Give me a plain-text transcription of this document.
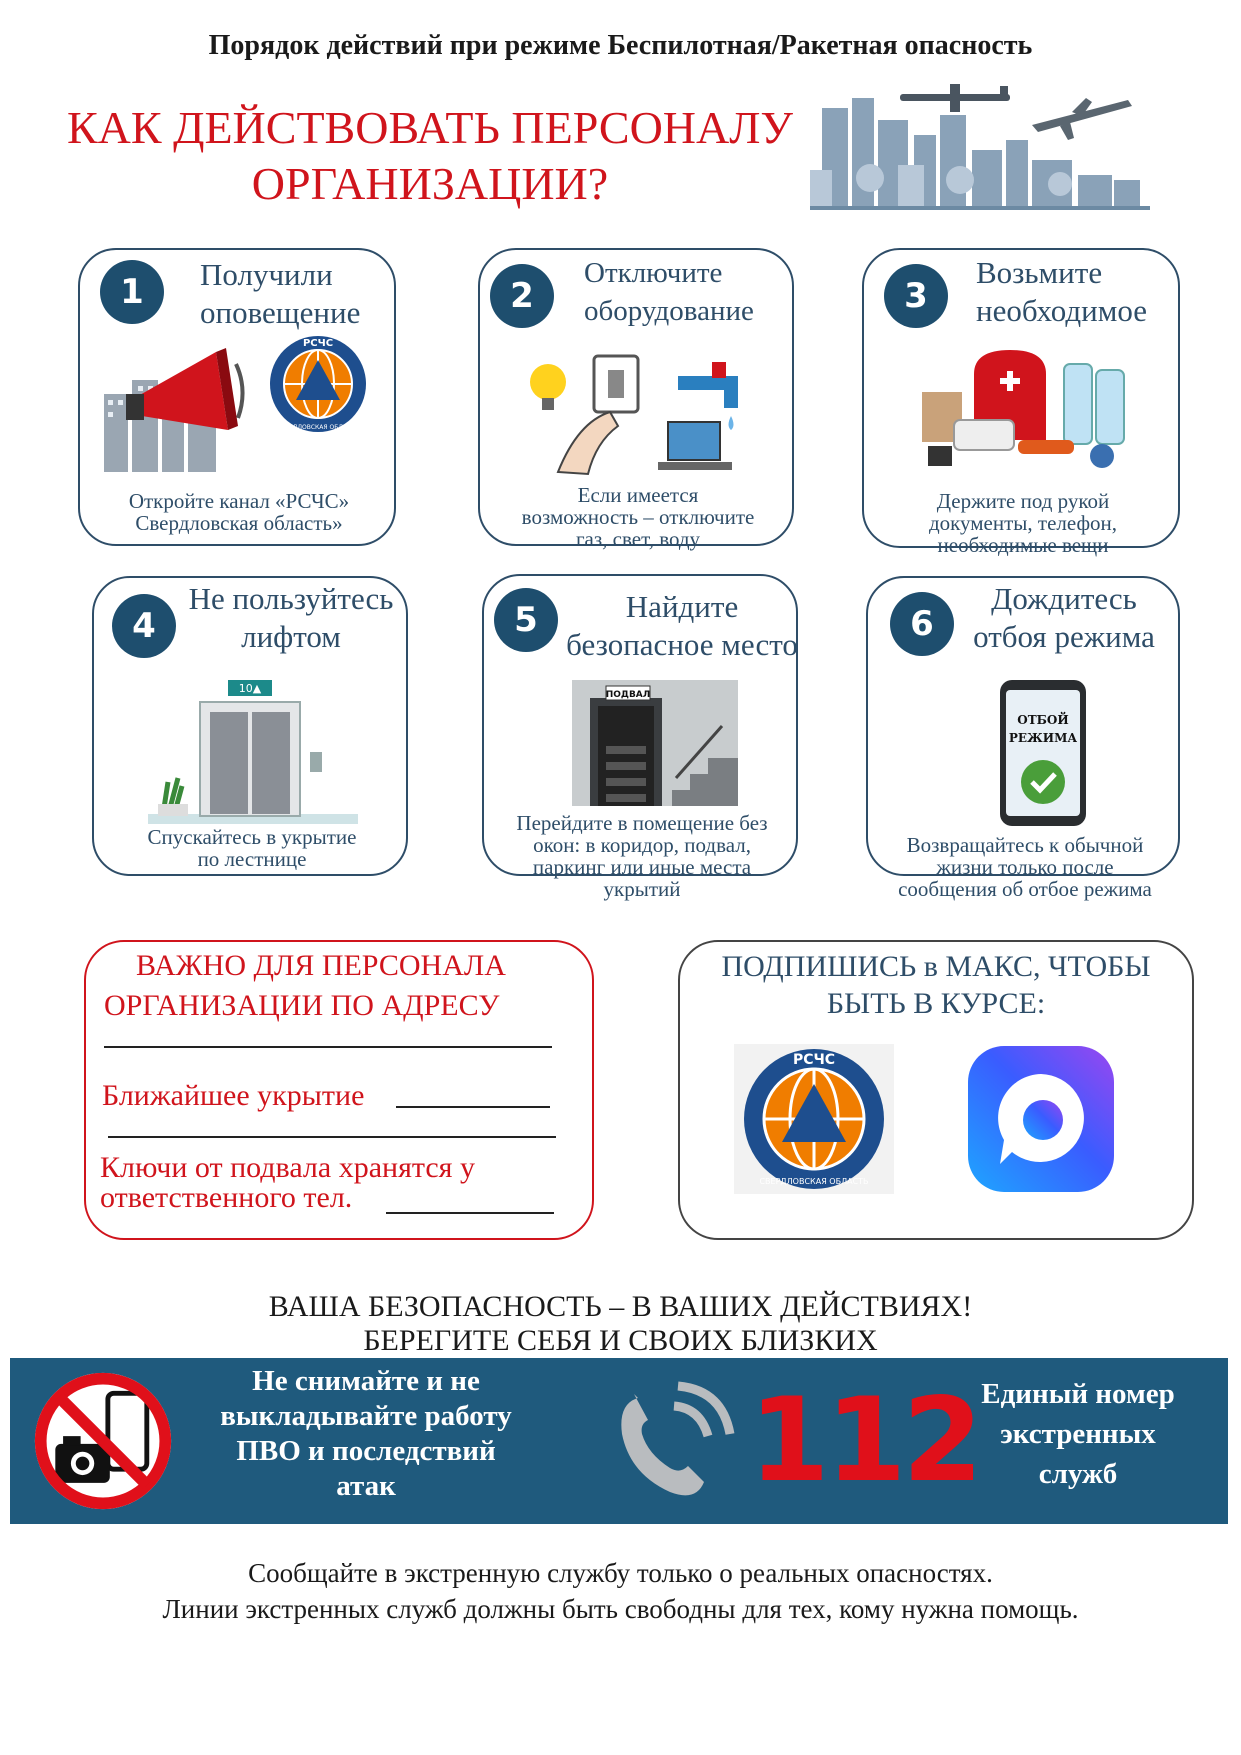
Порядок действий при режиме Беспилотная/Ракетная опасность
КАК ДЕЙСТВОВАТЬ ПЕРСОНАЛУ
ОРГАНИЗАЦИИ?
1	Получили
оповещение
РСЧС
СВЕРДЛОВСКАЯ ОБЛАСТЬ
Откройте канал «РСЧС»
Свердловская область»
2
Отключите
оборудование
Если имеется
возможность – отключите
газ, свет, воду
3
Возьмите
необходимое
Держите под рукой
документы, телефон,
необходимые вещи
4
Не пользуйтесь
лифтом
10▲
Спускайтесь в укрытие
по лестнице
5	Найдите
безопасное место
ПОДВАЛ
Перейдите в помещение без
окон: в коридор, подвал,
паркинг или иные места
укрытий
6
Дождитесь
отбоя режима
ОТБОЙ
РЕЖИМА
Возвращайтесь к обычной
жизни только после
сообщения об отбое режима
ВАЖНО ДЛЯ ПЕРСОНАЛА
ОРГАНИЗАЦИИ ПО АДРЕСУ
Ближайшее укрытие
Ключи от подвала хранятся у
ответственного тел.
ПОДПИШИСЬ в МАКС, ЧТОБЫ
БЫТЬ В КУРСЕ:
РСЧС
СВЕРДЛОВСКАЯ ОБЛАСТЬ
ВАША БЕЗОПАСНОСТЬ – В ВАШИХ ДЕЙСТВИЯХ!
БЕРЕГИТЕ СЕБЯ И СВОИХ БЛИЗКИХ
Не снимайте и не
выкладывайте работу
ПВО и последствий
атак	112 Единый номер
экстренных
служб
Сообщайте в экстренную службу только о реальных опасностях.
Линии экстренных служб должны быть свободны для тех, кому нужна помощь.
